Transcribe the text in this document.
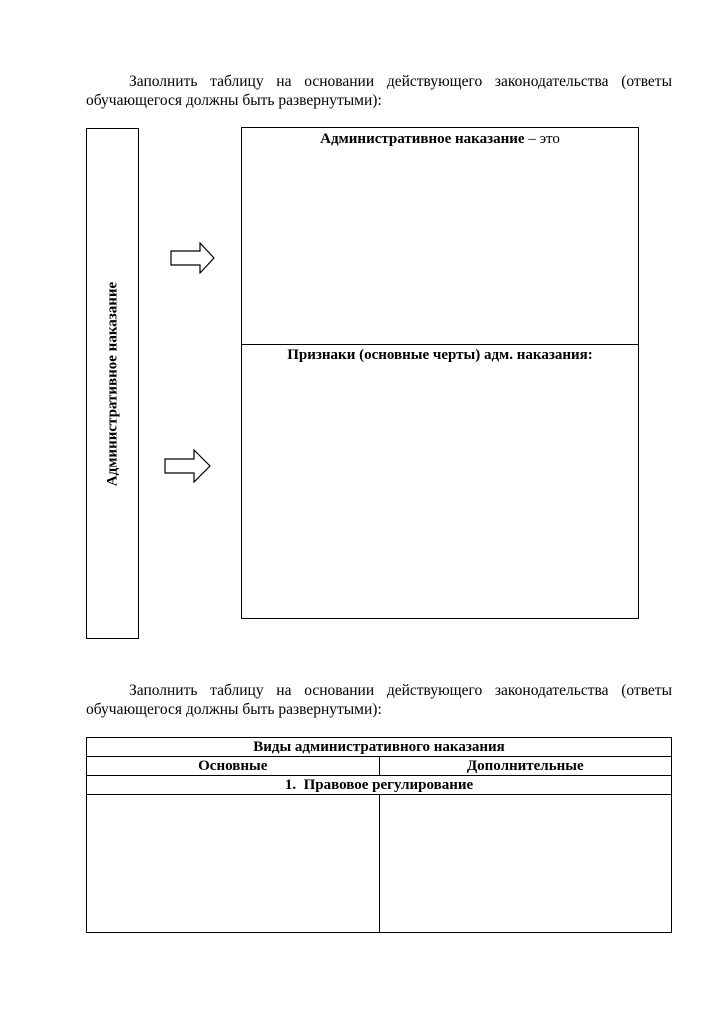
Заполнить таблицу на основании действующего законодательства (ответы обучающегося должны быть развернутыми):

Административное наказание
Административное наказание – это
Признаки (основные черты) адм. наказания:

Заполнить таблицу на основании действующего законодательства (ответы обучающегося должны быть развернутыми):

Виды административного наказания	
Основные	Дополнительные
1. Правовое регулирование	
